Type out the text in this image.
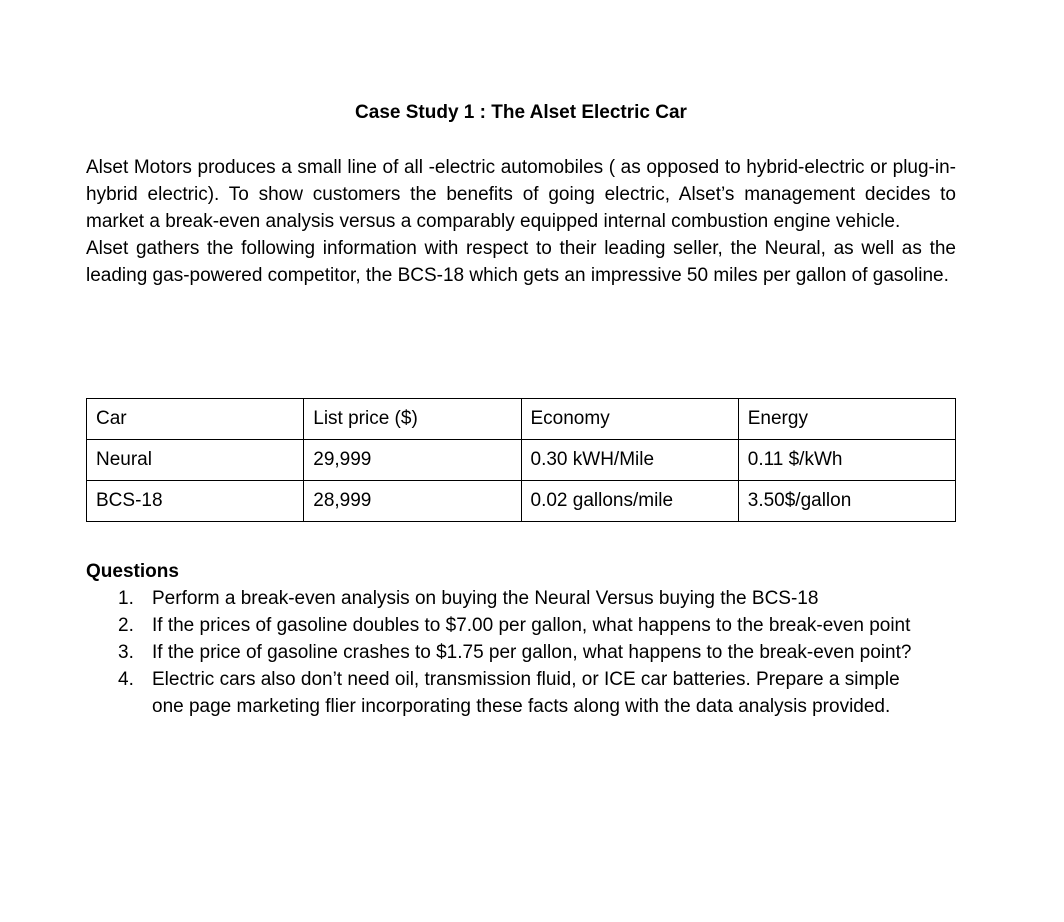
Case Study 1 : The Alset Electric Car

Alset Motors produces a small line of all -electric automobiles ( as opposed to hybrid-electric or plug-in-hybrid electric). To show customers the benefits of going electric, Alset’s management decides to market a break-even analysis versus a comparably equipped internal combustion engine vehicle.

Alset gathers the following information with respect to their leading seller, the Neural, as well as the leading gas-powered competitor, the BCS-18 which gets an impressive 50 miles per gallon of gasoline.

Car	List price ($)	Economy	Energy
Neural	29,999	0.30 kWH/Mile	0.11 $/kWh
BCS-18	28,999	0.02 gallons/mile	3.50$/gallon

Questions

1. Perform a break-even analysis on buying the Neural Versus buying the BCS-18
2. If the prices of gasoline doubles to $7.00 per gallon, what happens to the break-even point
3. If the price of gasoline crashes to $1.75 per gallon, what happens to the break-even point?
4. Electric cars also don’t need oil, transmission fluid, or ICE car batteries. Prepare a simple one page marketing flier incorporating these facts along with the data analysis provided.
